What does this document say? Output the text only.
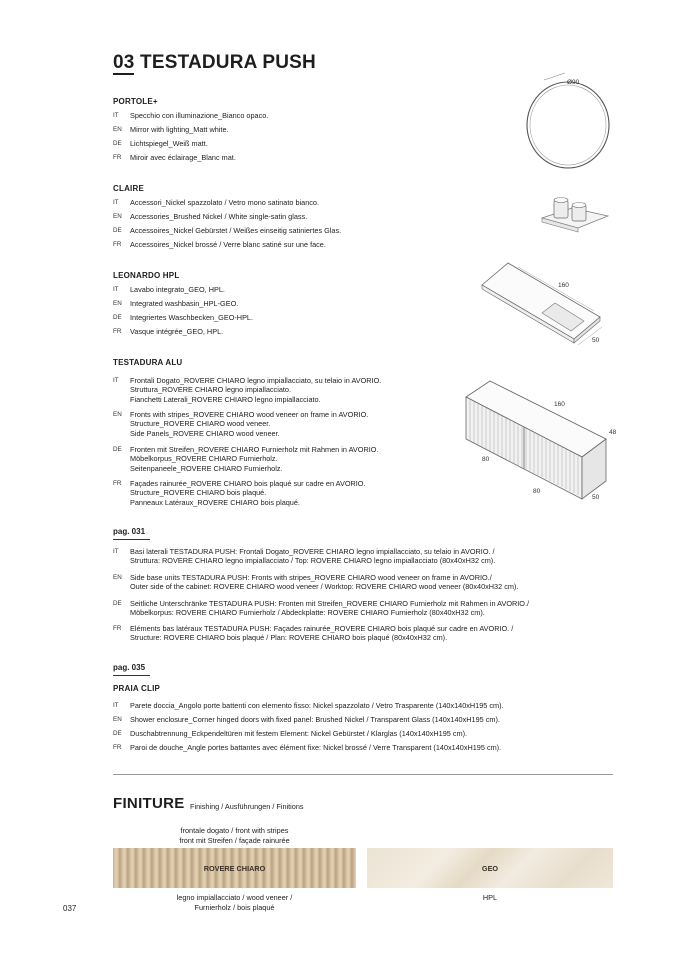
03 TESTADURA PUSH
PORTOLE+
IT	Specchio con illuminazione_Bianco opaco.
EN	Mirror with lighting_Matt white.
DE	Lichtspiegel_Weiß matt.
FR	Miroir avec éclairage_Blanc mat.
CLAIRE
IT	Accessori_Nickel spazzolato / Vetro mono satinato bianco.
EN	Accessories_Brushed Nickel / White single-satin glass.
DE	Accessoires_Nickel Gebürstet / Weißes einseitig satiniertes Glas.
FR	Accessoires_Nickel brossé / Verre blanc satiné sur une face.
LEONARDO HPL
IT	Lavabo integrato_GEO, HPL.
EN	Integrated washbasin_HPL-GEO.
DE	Integriertes Waschbecken_GEO-HPL.
FR	Vasque intégrée_GEO, HPL.
TESTADURA ALU
IT	Frontali Dogato_ROVERE CHIARO legno impiallacciato, su telaio in AVORIO.
Struttura_ROVERE CHIARO legno impiallacciato.
Fianchetti Laterali_ROVERE CHIARO legno impiallacciato.
EN	Fronts with stripes_ROVERE CHIARO wood veneer on frame in AVORIO.
Structure_ROVERE CHIARO wood veneer.
Side Panels_ROVERE CHIARO wood veneer.
DE	Fronten mit Streifen_ROVERE CHIARO Furnierholz mit Rahmen in AVORIO.
Möbelkorpus_ROVERE CHIARO Furnierholz.
Seitenpaneele_ROVERE CHIARO Furnierholz.
FR	Façades rainurée_ROVERE CHIARO bois plaqué sur cadre en AVORIO.
Structure_ROVERE CHIARO bois plaqué.
Panneaux Latéraux_ROVERE CHIARO bois plaqué.
pag. 031
IT	Basi laterali TESTADURA PUSH: Frontali Dogato_ROVERE CHIARO legno impiallacciato, su telaio in AVORIO. /
Struttura: ROVERE CHIARO legno impiallacciato / Top: ROVERE CHIARO legno impiallacciato (80x40xH32 cm).
EN	Side base units TESTADURA PUSH: Fronts with stripes_ROVERE CHIARO wood veneer on frame in AVORIO./
Outer side of the cabinet: ROVERE CHIARO wood veneer / Worktop: ROVERE CHIARO wood veneer (80x40xH32 cm).
DE	Seitliche Unterschränke TESTADURA PUSH: Fronten mit Streifen_ROVERE CHIARO Furnierholz mit Rahmen in AVORIO./
Möbelkorpus: ROVERE CHIARO Furnierholz / Abdeckplatte: ROVERE CHIARO Furnierholz (80x40xH32 cm).
FR	Eléments bas latéraux TESTADURA PUSH: Façades rainurée_ROVERE CHIARO bois plaqué sur cadre en AVORIO. /
Structure: ROVERE CHIARO bois plaqué / Plan: ROVERE CHIARO bois plaqué (80x40xH32 cm).
pag. 035
PRAIA CLIP
IT	Parete doccia_Angolo porte battenti con elemento fisso: Nickel spazzolato / Vetro Trasparente (140x140xH195 cm).
EN	Shower enclosure_Corner hinged doors with fixed panel: Brushed Nickel / Transparent Glass (140x140xH195 cm).
DE	Duschabtrennung_Eckpendeltüren mit festem Element: Nickel Gebürstet / Klarglas (140x140xH195 cm).
FR	Paroi de douche_Angle portes battantes avec élément fixe: Nickel brossé / Verre Transparent (140x140xH195 cm).
Ø90
160
50
160
48
80
80
50
FINITURE Finishing / Ausführungen / Finitions
frontale dogato / front with stripes
front mit Streifen / façade rainurée
ROVERE CHIARO	GEO
legno impiallacciato / wood veneer /
Furnierholz / bois plaqué
HPL
037
